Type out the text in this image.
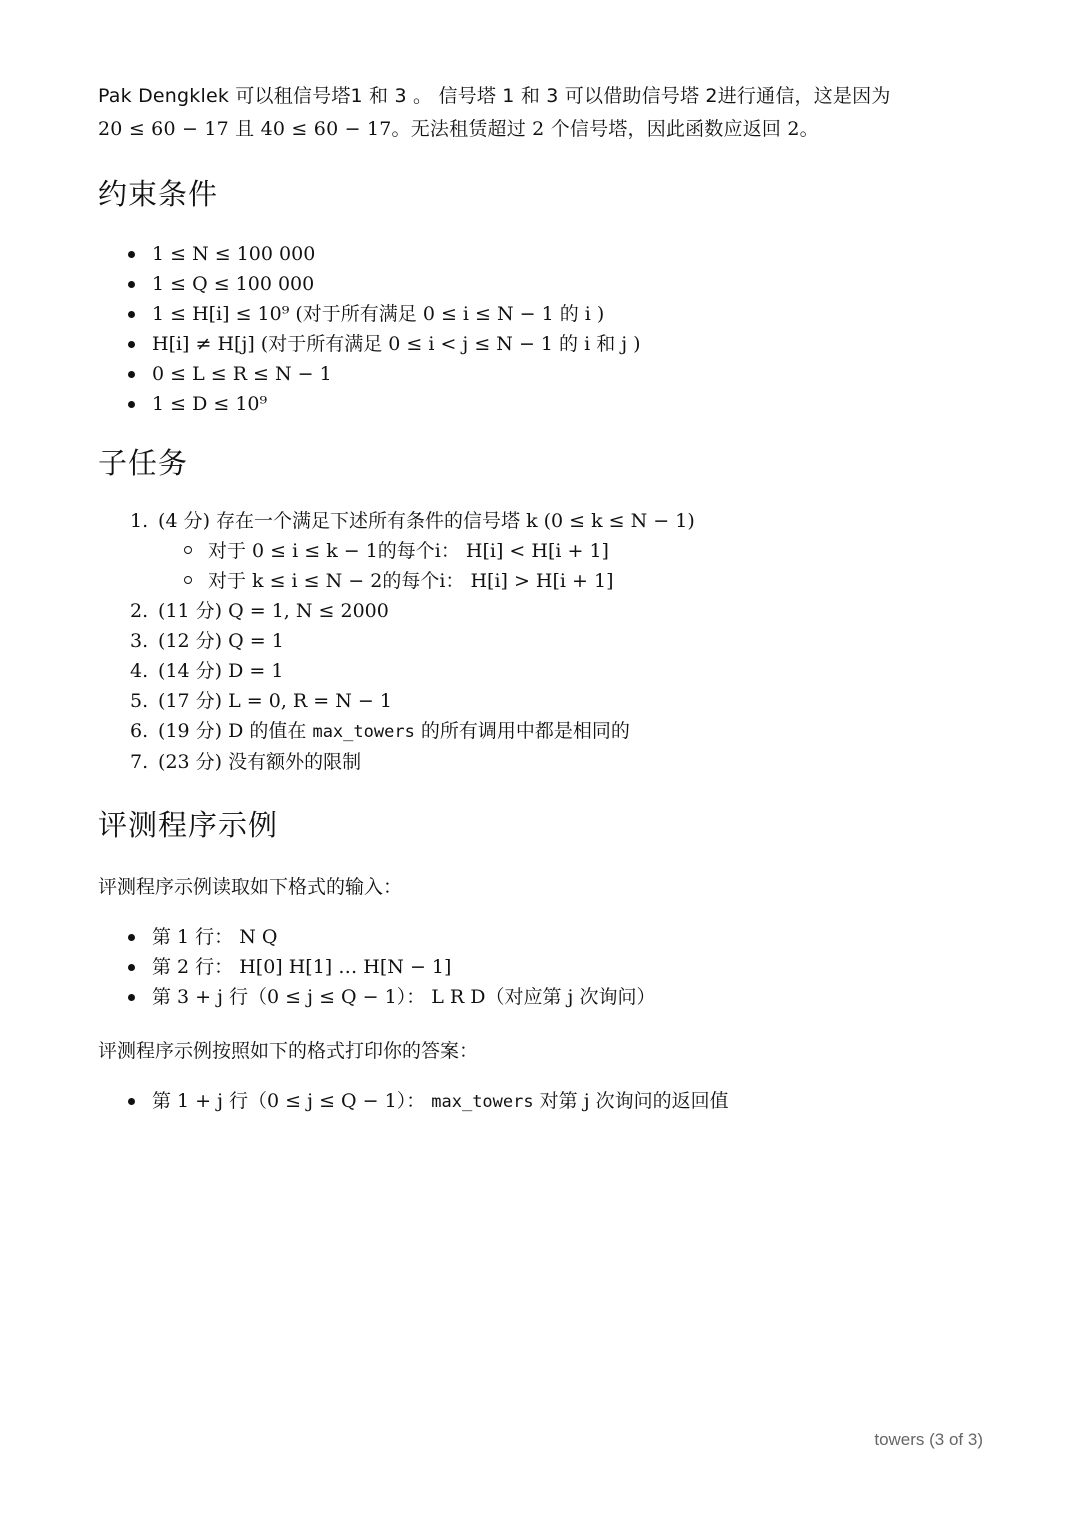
Pak Dengklek 可以租信号塔1 和 3 。 信号塔 1 和 3 可以借助信号塔 2进行通信，这是因为

20 ≤ 60 − 17 且 40 ≤ 60 − 17。无法租赁超过 2 个信号塔，因此函数应返回 2。

约束条件
1 ≤ N ≤ 100 000
1 ≤ Q ≤ 100 000
1 ≤ H[i] ≤ 10⁹ (对于所有满足 0 ≤ i ≤ N − 1 的 i )
H[i] ≠ H[j] (对于所有满足 0 ≤ i < j ≤ N − 1 的 i 和 j )
0 ≤ L ≤ R ≤ N − 1
1 ≤ D ≤ 10⁹
子任务
1. (4 分) 存在一个满足下述所有条件的信号塔 k (0 ≤ k ≤ N − 1)
对于 0 ≤ i ≤ k − 1的每个i： H[i] < H[i + 1]
对于 k ≤ i ≤ N − 2的每个i： H[i] > H[i + 1]
2. (11 分) Q = 1, N ≤ 2000
3. (12 分) Q = 1
4. (14 分) D = 1
5. (17 分) L = 0, R = N − 1
6. (19 分) D 的值在 max_towers 的所有调用中都是相同的
7. (23 分) 没有额外的限制
评测程序示例

评测程序示例读取如下格式的输入：

第 1 行： N Q
第 2 行： H[0] H[1] … H[N − 1]
第 3 + j 行（0 ≤ j ≤ Q − 1）： L R D（对应第 j 次询问）

评测程序示例按照如下的格式打印你的答案：

第 1 + j 行（0 ≤ j ≤ Q − 1）： max_towers 对第 j 次询问的返回值
towers (3 of 3)
